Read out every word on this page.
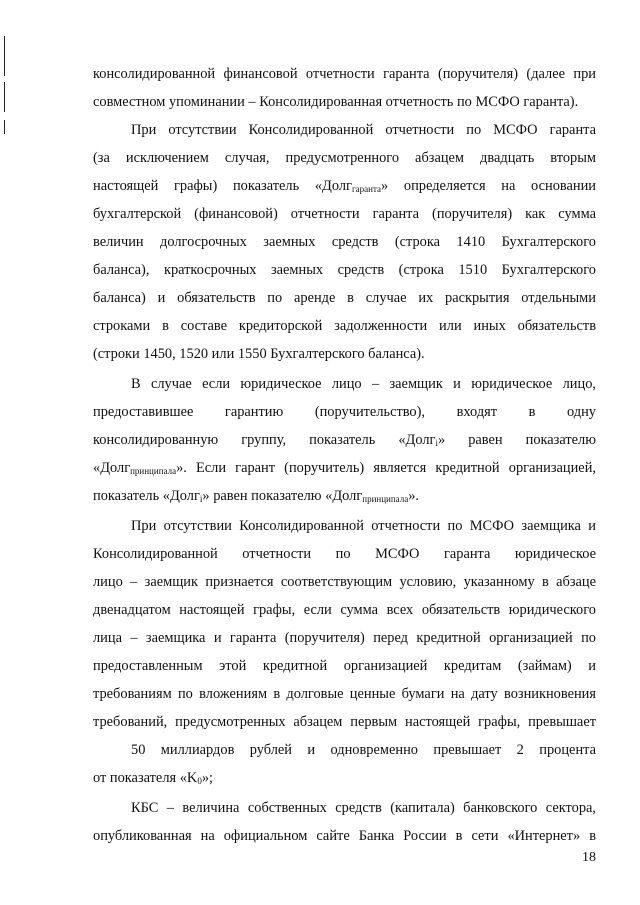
консолидированной финансовой отчетности гаранта (поручителя) (далее при
совместном упоминании – Консолидированная отчетность по МСФО гаранта).
При отсутствии Консолидированной отчетности по МСФО гаранта
(за исключением случая, предусмотренного абзацем двадцать вторым
настоящей графы) показатель «Долг$_{гаранта}$» определяется на основании
бухгалтерской (финансовой) отчетности гаранта (поручителя) как сумма
величин долгосрочных заемных средств (строка 1410 Бухгалтерского
баланса), краткосрочных заемных средств (строка 1510 Бухгалтерского
баланса) и обязательств по аренде в случае их раскрытия отдельными
строками в составе кредиторской задолженности или иных обязательств
(строки 1450, 1520 или 1550 Бухгалтерского баланса).
В случае если юридическое лицо – заемщик и юридическое лицо,
предоставившее гарантию (поручительство), входят в одну
консолидированную группу, показатель «Долг$_i$» равен показателю
«Долг$_{принципала}$». Если гарант (поручитель) является кредитной организацией,
показатель «Долг$_i$» равен показателю «Долг$_{принципала}$».
При отсутствии Консолидированной отчетности по МСФО заемщика и
Консолидированной отчетности по МСФО гаранта юридическое
лицо – заемщик признается соответствующим условию, указанному в абзаце
двенадцатом настоящей графы, если сумма всех обязательств юридического
лица – заемщика и гаранта (поручителя) перед кредитной организацией по
предоставленным этой кредитной организацией кредитам (займам) и
требованиям по вложениям в долговые ценные бумаги на дату возникновения
требований, предусмотренных абзацем первым настоящей графы, превышает
50 миллиардов рублей и одновременно превышает 2 процента
от показателя «$K_0$»;
КБС – величина собственных средств (капитала) банковского сектора,
опубликованная на официальном сайте Банка России в сети «Интернет» в
18
